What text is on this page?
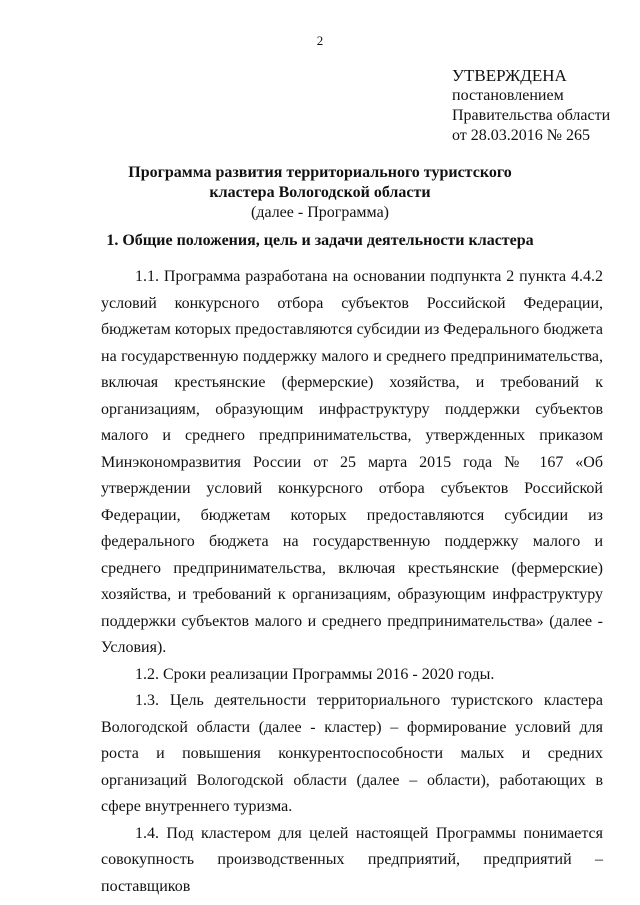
2
УТВЕРЖДЕНА
постановлением
Правительства области
от 28.03.2016 № 265
Программа развития территориального туристского
кластера Вологодской области
(далее - Программа)
1. Общие положения, цель и задачи деятельности кластера

1.1. Программа разработана на основании подпункта 2 пункта 4.4.2 условий конкурсного отбора субъектов Российской Федерации, бюджетам которых предоставляются субсидии из Федерального бюджета на государственную поддержку малого и среднего предпринимательства, включая крестьянские (фермерские) хозяйства, и требований к организациям, образующим инфраструктуру поддержки субъектов малого и среднего предпринимательства, утвержденных приказом Минэкономразвития России от 25 марта 2015 года № 167 «Об утверждении условий конкурсного отбора субъектов Российской Федерации, бюджетам которых предоставляются субсидии из федерального бюджета на государственную поддержку малого и среднего предпринимательства, включая крестьянские (фермерские) хозяйства, и требований к организациям, образующим инфраструктуру поддержки субъектов малого и среднего предпринимательства» (далее - Условия).

1.2. Сроки реализации Программы 2016 - 2020 годы.

1.3. Цель деятельности территориального туристского кластера Вологодской области (далее - кластер) – формирование условий для роста и повышения конкурентоспособности малых и средних организаций Вологодской области (далее – области), работающих в сфере внутреннего туризма.

1.4. Под кластером для целей настоящей Программы понимается совокупность производственных предприятий, предприятий – поставщиков
